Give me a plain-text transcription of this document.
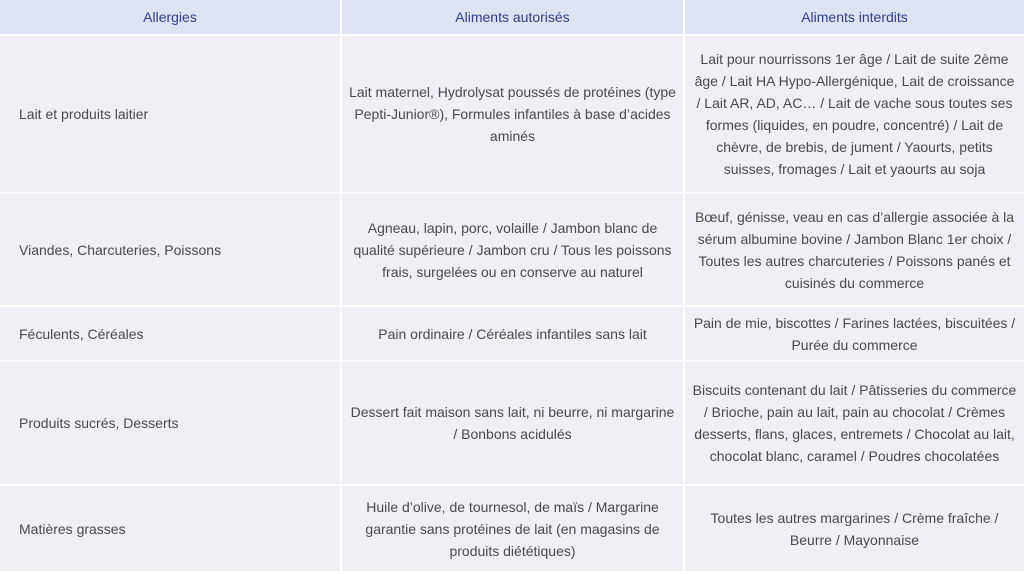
Allergies	Aliments autorisés	Aliments interdits
Lait et produits laitier	Lait maternel, Hydrolysat poussés de protéines (type Pepti-Junior®), Formules infantiles à base d’acides aminés	Lait pour nourrissons 1er âge / Lait de suite 2ème âge / Lait HA Hypo-Allergénique, Lait de croissance / Lait AR, AD, AC… / Lait de vache sous toutes ses formes (liquides, en poudre, concentré) / Lait de chèvre, de brebis, de jument / Yaourts, petits suisses, fromages / Lait et yaourts au soja
Viandes, Charcuteries, Poissons	Agneau, lapin, porc, volaille / Jambon blanc de qualité supérieure / Jambon cru / Tous les poissons frais, surgelées ou en conserve au naturel	Bœuf, génisse, veau en cas d’allergie associée à la sérum albumine bovine / Jambon Blanc 1er choix / Toutes les autres charcuteries / Poissons panés et cuisinés du commerce
Féculents, Céréales	Pain ordinaire / Céréales infantiles sans lait	Pain de mie, biscottes / Farines lactées, biscuitées / Purée du commerce
Produits sucrés, Desserts	Dessert fait maison sans lait, ni beurre, ni margarine / Bonbons acidulés	Biscuits contenant du lait / Pâtisseries du commerce / Brioche, pain au lait, pain au chocolat / Crèmes desserts, flans, glaces, entremets / Chocolat au lait, chocolat blanc, caramel / Poudres chocolatées
Matières grasses	Huile d’olive, de tournesol, de maïs / Margarine garantie sans protéines de lait (en magasins de produits diététiques)	Toutes les autres margarines / Crème fraîche / Beurre / Mayonnaise
